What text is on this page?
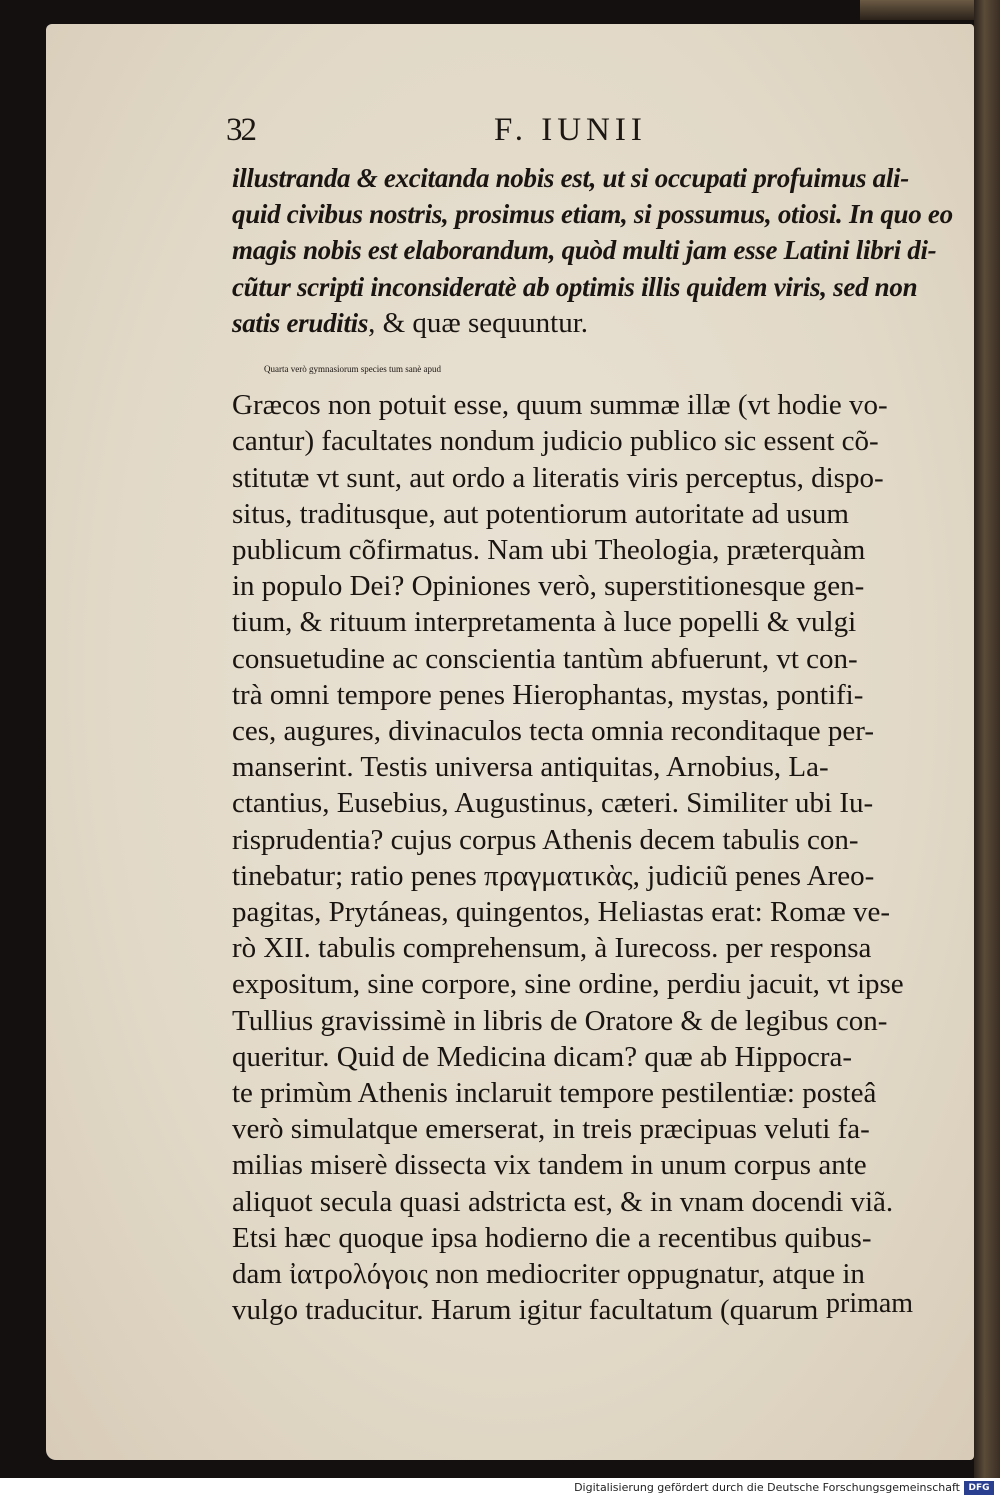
32	F. IUNII
illustranda & excitanda nobis est, ut si occupati profuimus ali-
quid civibus nostris, prosimus etiam, si possumus, otiosi. In quo eo
magis nobis est elaborandum, quòd multi jam esse Latini libri di-
cũtur scripti inconsideratè ab optimis illis quidem viris, sed non
satis eruditis, & quæ sequuntur.
Quarta verò gymnasiorum species tum sanè apud
Græcos non potuit esse, quum summæ illæ (vt hodie vo-
cantur) facultates nondum judicio publico sic essent cõ-
stitutæ vt sunt, aut ordo a literatis viris perceptus, dispo-
situs, traditusque, aut potentiorum autoritate ad usum
publicum cõfirmatus. Nam ubi Theologia, præterquàm
in populo Dei? Opiniones verò, superstitionesque gen-
tium, & rituum interpretamenta à luce popelli & vulgi
consuetudine ac conscientia tantùm abfuerunt, vt con-
trà omni tempore penes Hierophantas, mystas, pontifi-
ces, augures, divinaculos tecta omnia reconditaque per-
manserint. Testis universa antiquitas, Arnobius, La-
ctantius, Eusebius, Augustinus, cæteri. Similiter ubi Iu-
risprudentia? cujus corpus Athenis decem tabulis con-
tinebatur; ratio penes πραγματικὰς, judiciũ penes Areo-
pagitas, Prytáneas, quingentos, Heliastas erat: Romæ ve-
rò XII. tabulis comprehensum, à Iurecoss. per responsa
expositum, sine corpore, sine ordine, perdiu jacuit, vt ipse
Tullius gravissimè in libris de Oratore & de legibus con-
queritur. Quid de Medicina dicam? quæ ab Hippocra-
te primùm Athenis inclaruit tempore pestilentiæ: posteâ
verò simulatque emerserat, in treis præcipuas veluti fa-
milias miserè dissecta vix tandem in unum corpus ante
aliquot secula quasi adstricta est, & in vnam docendi viã.
Etsi hæc quoque ipsa hodierno die a recentibus quibus-
dam ἰατρολόγοις non mediocriter oppugnatur, atque in
vulgo traducitur. Harum igitur facultatum (quarum primam
Digitalisierung gefördert durch die Deutsche Forschungsgemeinschaft DFG
